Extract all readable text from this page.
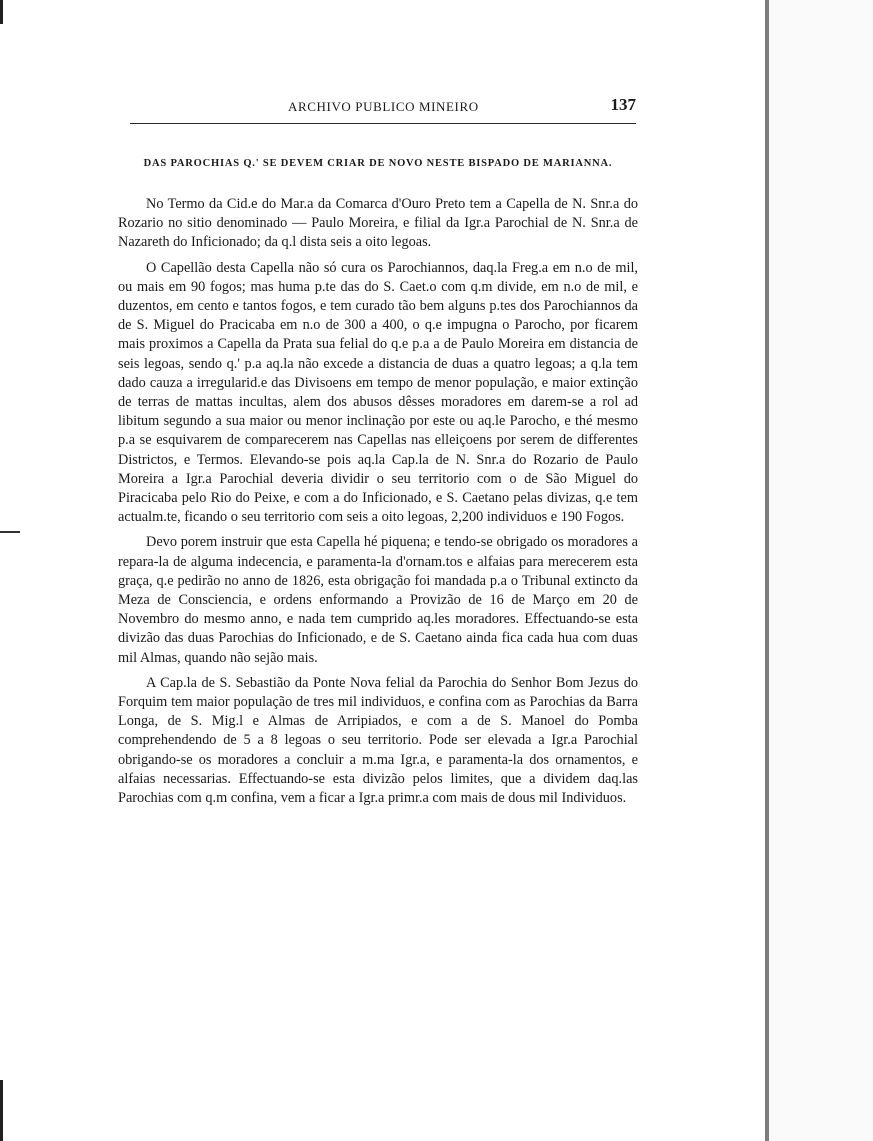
ARCHIVO PUBLICO MINEIRO	137
DAS PAROCHIAS Q.' SE DEVEM CRIAR DE NOVO NESTE BISPADO DE MARIANNA.

No Termo da Cid.e do Mar.a da Comarca d'Ouro Preto tem a Capella de N. Snr.a do Rozario no sitio denominado — Paulo Moreira, e filial da Igr.a Parochial de N. Snr.a de Nazareth do Inficionado; da q.l dista seis a oito legoas.

O Capellão desta Capella não só cura os Parochiannos, daq.la Freg.a em n.o de mil, ou mais em 90 fogos; mas huma p.te das do S. Caet.o com q.m divide, em n.o de mil, e duzentos, em cento e tantos fogos, e tem curado tão bem alguns p.tes dos Parochiannos da de S. Miguel do Pracicaba em n.o de 300 a 400, o q.e impugna o Parocho, por ficarem mais proximos a Capella da Prata sua felial do q.e p.a a de Paulo Moreira em distancia de seis legoas, sendo q.' p.a aq.la não excede a distancia de duas a quatro legoas; a q.la tem dado cauza a irregularid.e das Divisoens em tempo de menor população, e maior extinção de terras de mattas incultas, alem dos abusos dêsses moradores em darem-se a rol ad libitum segundo a sua maior ou menor inclinação por este ou aq.le Parocho, e thé mesmo p.a se esquivarem de comparecerem nas Capellas nas elleiçoens por serem de differentes Districtos, e Termos. Elevando-se pois aq.la Cap.la de N. Snr.a do Rozario de Paulo Moreira a Igr.a Parochial deveria dividir o seu territorio com o de São Miguel do Piracicaba pelo Rio do Peixe, e com a do Inficionado, e S. Caetano pelas divizas, q.e tem actualm.te, ficando o seu territorio com seis a oito legoas, 2,200 individuos e 190 Fogos.

Devo porem instruir que esta Capella hé piquena; e tendo-se obrigado os moradores a repara-la de alguma indecencia, e paramenta-la d'ornam.tos e alfaias para merecerem esta graça, q.e pedirão no anno de 1826, esta obrigação foi mandada p.a o Tribunal extincto da Meza de Consciencia, e ordens enformando a Provizão de 16 de Março em 20 de Novembro do mesmo anno, e nada tem cumprido aq.les moradores. Effectuando-se esta divizão das duas Parochias do Inficionado, e de S. Caetano ainda fica cada hua com duas mil Almas, quando não sejão mais.

A Cap.la de S. Sebastião da Ponte Nova felial da Parochia do Senhor Bom Jezus do Forquim tem maior população de tres mil individuos, e confina com as Parochias da Barra Longa, de S. Mig.l e Almas de Arripiados, e com a de S. Manoel do Pomba comprehendendo de 5 a 8 legoas o seu territorio. Pode ser elevada a Igr.a Parochial obrigando-se os moradores a concluir a m.ma Igr.a, e paramenta-la dos ornamentos, e alfaias necessarias. Effectuando-se esta divizão pelos limites, que a dividem daq.las Parochias com q.m confina, vem a ficar a Igr.a primr.a com mais de dous mil Individuos.
